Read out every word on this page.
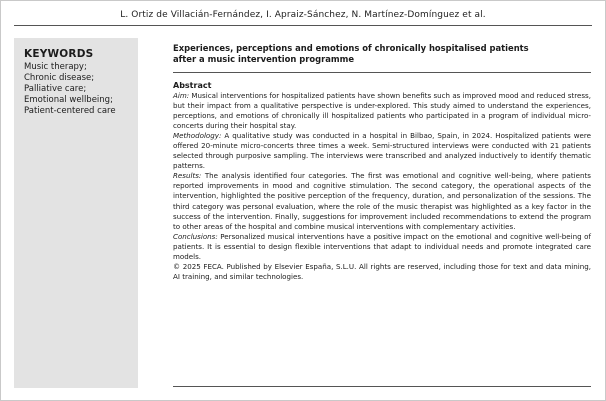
L. Ortiz de Villacián-Fernández, I. Apraiz-Sánchez, N. Martínez-Domínguez et al.
KEYWORDS
Music therapy;
Chronic disease;
Palliative care;
Emotional wellbeing;
Patient-centered care
Experiences, perceptions and emotions of chronically hospitalised patients
after a music intervention programme
Abstract

Aim: Musical interventions for hospitalized patients have shown benefits such as improved mood and reduced stress, but their impact from a qualitative perspective is under-explored. This study aimed to understand the experiences, perceptions, and emotions of chronically ill hospitalized patients who participated in a program of individual micro-concerts during their hospital stay.

Methodology: A qualitative study was conducted in a hospital in Bilbao, Spain, in 2024. Hospitalized patients were offered 20-minute micro-concerts three times a week. Semi-structured interviews were conducted with 21 patients selected through purposive sampling. The interviews were transcribed and analyzed inductively to identify thematic patterns.

Results: The analysis identified four categories. The first was emotional and cognitive well-being, where patients reported improvements in mood and cognitive stimulation. The second category, the operational aspects of the intervention, highlighted the positive perception of the frequency, duration, and personalization of the sessions. The third category was personal evaluation, where the role of the music therapist was highlighted as a key factor in the success of the intervention. Finally, suggestions for improvement included recommendations to extend the program to other areas of the hospital and combine musical interventions with complementary activities.

Conclusions: Personalized musical interventions have a positive impact on the emotional and cognitive well-being of patients. It is essential to design flexible interventions that adapt to individual needs and promote integrated care models.

© 2025 FECA. Published by Elsevier España, S.L.U. All rights are reserved, including those for text and data mining, AI training, and similar technologies.
